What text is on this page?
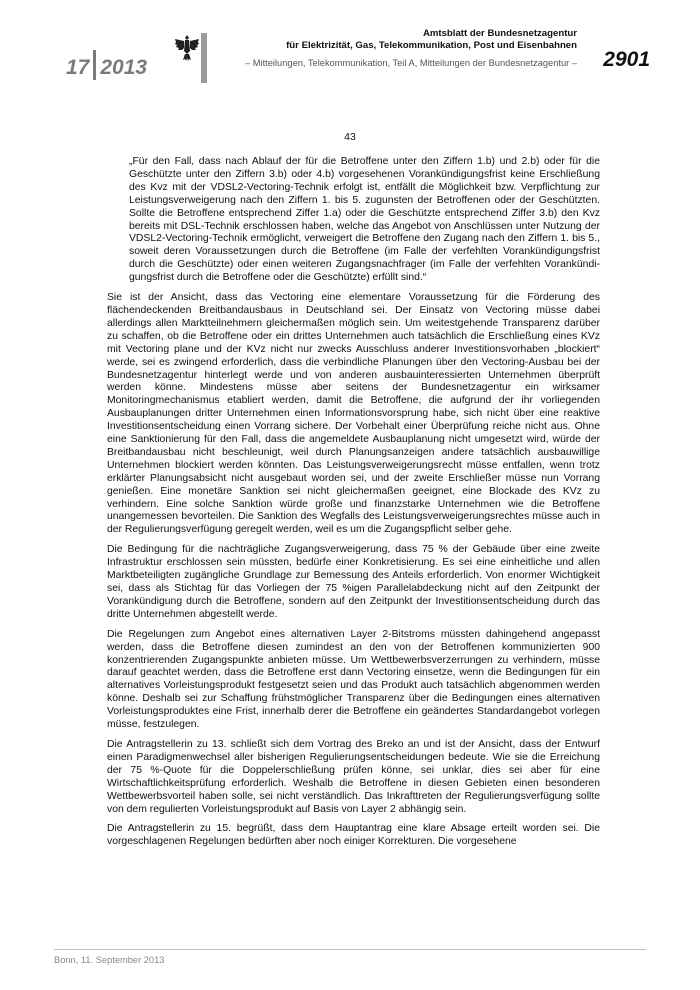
17 2013
Amtsblatt der Bundesnetzagentur
für Elektrizität, Gas, Telekommunikation, Post und Eisenbahnen
– Mitteilungen, Telekommunikation, Teil A, Mitteilungen der Bundesnetzagentur – 2901
43

„Für den Fall, dass nach Ablauf der für die Betroffene unter den Ziffern 1.b) und 2.b) oder für die Geschützte unter den Ziffern 3.b) oder 4.b) vorgesehenen Vorankündigungsfrist keine Erschließung des Kvz mit der VDSL2-Vectoring-Technik erfolgt ist, entfällt die Möglichkeit bzw. Verpflichtung zur Leistungsverweigerung nach den Ziffern 1. bis 5. zugunsten der Betroffenen oder der Geschützten. Sollte die Betroffene entsprechend Ziffer 1.a) oder die Geschützte entsprechend Ziffer 3.b) den Kvz bereits mit DSL-Technik erschlossen haben, welche das Angebot von Anschlüssen unter Nutzung der VDSL2-Vectoring-Technik ermöglicht, verweigert die Betroffene den Zugang nach den Ziffern 1. bis 5., soweit deren Voraussetzungen durch die Betroffene (im Falle der verfehlten Vorankündigungsfrist durch die Geschützte) oder einen weiteren Zugangsnachfrager (im Falle der verfehlten Vorankündigungsfrist durch die Betroffene oder die Geschützte) erfüllt sind.“

Sie ist der Ansicht, dass das Vectoring eine elementare Voraussetzung für die Förderung des flächendeckenden Breitbandausbaus in Deutschland sei. Der Einsatz von Vectoring müsse dabei allerdings allen Marktteilnehmern gleichermaßen möglich sein. Um weitestgehende Transparenz darüber zu schaffen, ob die Betroffene oder ein drittes Unternehmen auch tatsächlich die Erschließung eines KVz mit Vectoring plane und der KVz nicht nur zwecks Ausschluss anderer Investitionsvorhaben „blockiert“ werde, sei es zwingend erforderlich, dass die verbindliche Planungen über den Vectoring-Ausbau bei der Bundesnetzagentur hinterlegt werde und von anderen ausbauinteressierten Unternehmen überprüft werden könne. Mindestens müsse aber seitens der Bundesnetzagentur ein wirksamer Monitoringmechanismus etabliert werden, damit die Betroffene, die aufgrund der ihr vorliegenden Ausbauplanungen dritter Unternehmen einen Informationsvorsprung habe, sich nicht über eine reaktive Investitionsentscheidung einen Vorrang sichere. Der Vorbehalt einer Überprüfung reiche nicht aus. Ohne eine Sanktionierung für den Fall, dass die angemeldete Ausbauplanung nicht umgesetzt wird, würde der Breitbandausbau nicht beschleunigt, weil durch Planungsanzeigen andere tatsächlich ausbauwillige Unternehmen blockiert werden könnten. Das Leistungsverweigerungsrecht müsse entfallen, wenn trotz erklärter Planungsabsicht nicht ausgebaut worden sei, und der zweite Erschließer müsse nun Vorrang genießen. Eine monetäre Sanktion sei nicht gleichermaßen geeignet, eine Blockade des KVz zu verhindern. Eine solche Sanktion würde große und finanzstarke Unternehmen wie die Betroffene unangemessen bevorteilen. Die Sanktion des Wegfalls des Leistungsverweigerungsrechtes müsse auch in der Regulierungsverfügung geregelt werden, weil es um die Zugangspflicht selber gehe.

Die Bedingung für die nachträgliche Zugangsverweigerung, dass 75 % der Gebäude über eine zweite Infrastruktur erschlossen sein müssten, bedürfe einer Konkretisierung. Es sei eine einheitliche und allen Marktbeteiligten zugängliche Grundlage zur Bemessung des Anteils erforderlich. Von enormer Wichtigkeit sei, dass als Stichtag für das Vorliegen der 75 %igen Parallelabdeckung nicht auf den Zeitpunkt der Vorankündigung durch die Betroffene, sondern auf den Zeitpunkt der Investitionsentscheidung durch das dritte Unternehmen abgestellt werde.

Die Regelungen zum Angebot eines alternativen Layer 2-Bitstroms müssten dahingehend angepasst werden, dass die Betroffene diesen zumindest an den von der Betroffenen kommunizierten 900 konzentrierenden Zugangspunkte anbieten müsse. Um Wettbewerbsverzerrungen zu verhindern, müsse darauf geachtet werden, dass die Betroffene erst dann Vectoring einsetze, wenn die Bedingungen für ein alternatives Vorleistungsprodukt festgesetzt seien und das Produkt auch tatsächlich abgenommen werden könne. Deshalb sei zur Schaffung frühstmöglicher Transparenz über die Bedingungen eines alternativen Vorleistungsproduktes eine Frist, innerhalb derer die Betroffene ein geändertes Standardangebot vorlegen müsse, festzulegen.

Die Antragstellerin zu 13. schließt sich dem Vortrag des Breko an und ist der Ansicht, dass der Entwurf einen Paradigmenwechsel aller bisherigen Regulierungsentscheidungen bedeute. Wie sie die Erreichung der 75 %-Quote für die Doppelerschließung prüfen könne, sei unklar, dies sei aber für eine Wirtschaftlichkeitsprüfung erforderlich. Weshalb die Betroffene in diesen Gebieten einen besonderen Wettbewerbsvorteil haben solle, sei nicht verständlich. Das Inkrafttreten der Regulierungsverfügung sollte von dem regulierten Vorleistungsprodukt auf Basis von Layer 2 abhängig sein.

Die Antragstellerin zu 15. begrüßt, dass dem Hauptantrag eine klare Absage erteilt worden sei. Die vorgeschlagenen Regelungen bedürften aber noch einiger Korrekturen. Die vorgesehene

Bonn, 11. September 2013
